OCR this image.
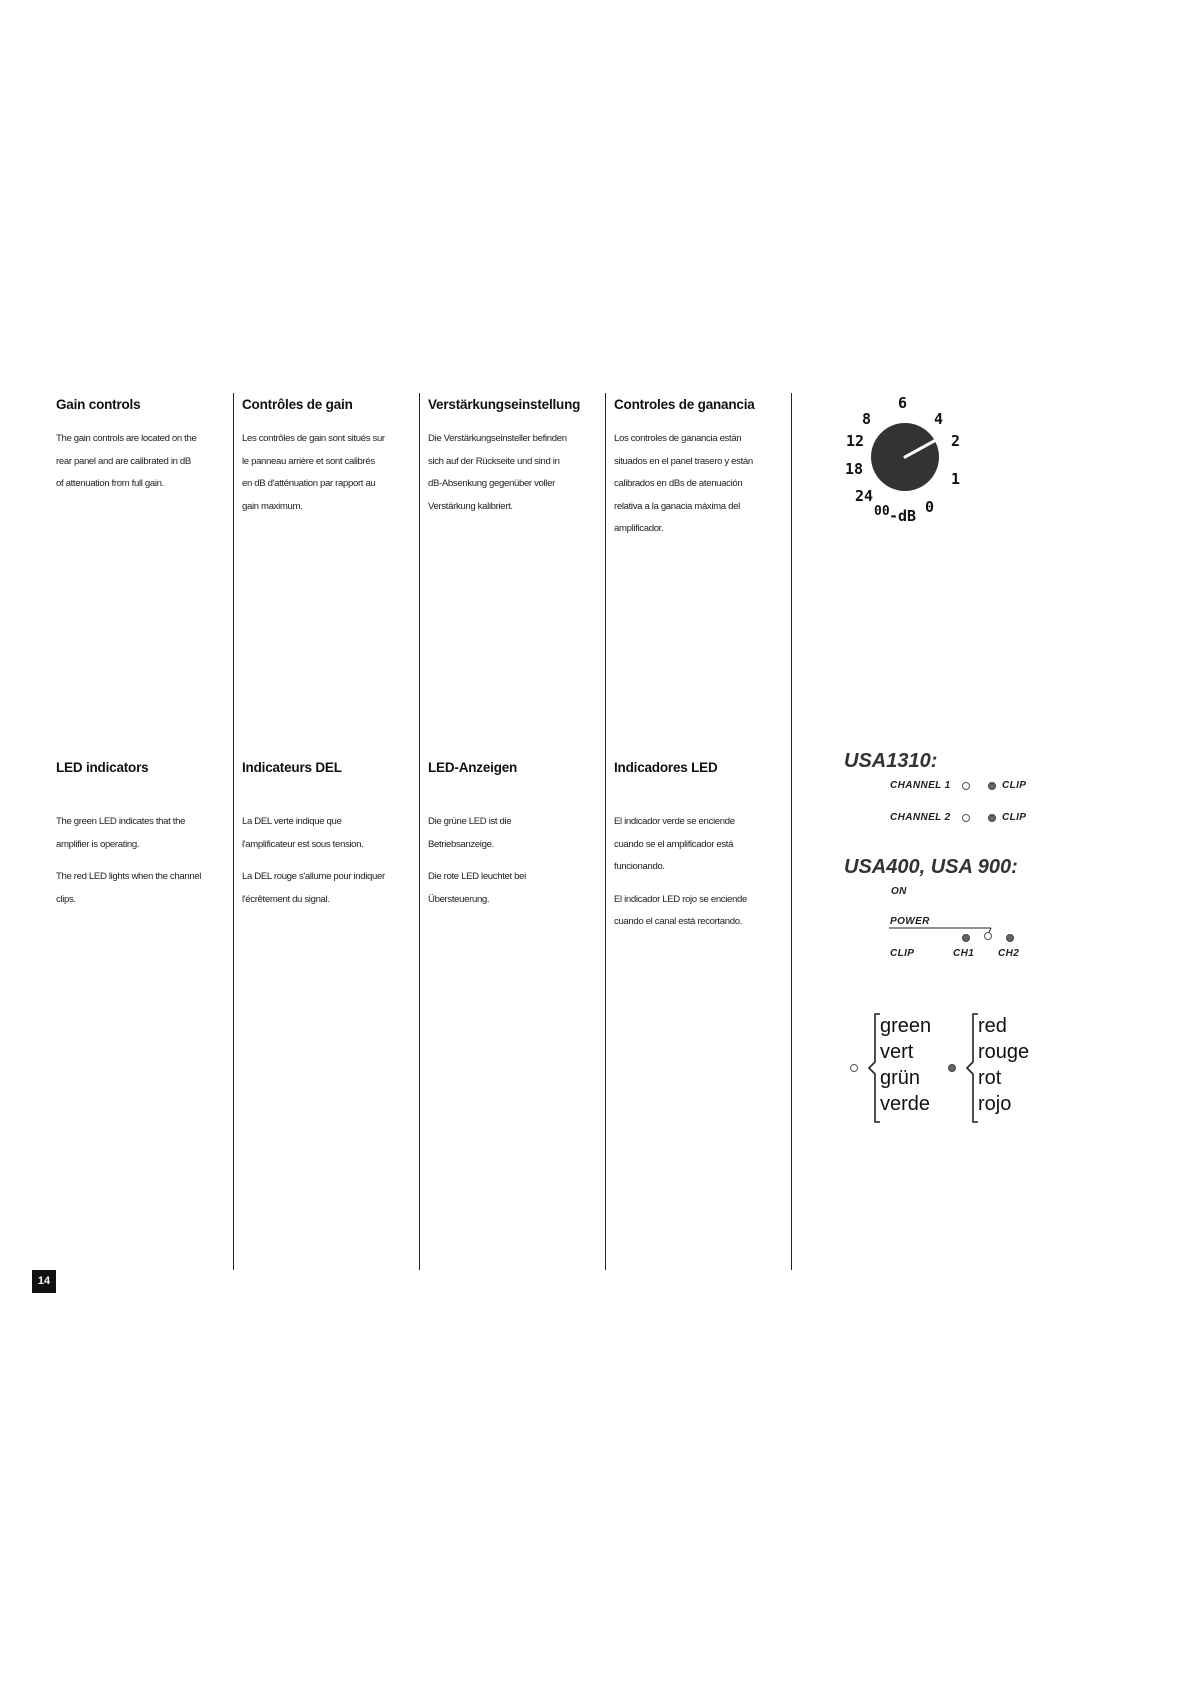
Gain controls	Contrôles de gain	Verstärkungseinstellung	Controles de ganancia
The gain controls are located on the
rear panel and are calibrated in dB
of attenuation from full gain.
Les contrôles de gain sont situés sur
le panneau arrière et sont calibrés
en dB d'atténuation par rapport au
gain maximum.
Die Verstärkungseinsteller befinden
sich auf der Rückseite und sind in
dB-Absenkung gegenüber voller
Verstärkung kalibriert.
Los controles de ganancia están
situados en el panel trasero y están
calibrados en dBs de atenuación
relativa a la ganacia máxima del
amplificador.
LED indicators	Indicateurs DEL	LED-Anzeigen	Indicadores LED

The green LED indicates that the
amplifier is operating.

The red LED lights when the channel
clips.

La DEL verte indique que
l'amplificateur est sous tension.

La DEL rouge s'allume pour indiquer
l'écrêtement du signal.

Die grüne LED ist die
Betriebsanzeige.

Die rote LED leuchtet bei
Übersteuerung.

El indicador verde se enciende
cuando se el amplificador está
funcionando.

El indicador LED rojo se enciende
cuando el canal está recortando.

14
6
4
2
1
0
-dB
00
24
18
12
8
USA1310:
CHANNEL 1	CLIP
CHANNEL 2	CLIP
USA400, USA 900:
ON
POWER
CLIP	CH1 CH2
green
vert
grün
verde
red
rouge
rot
rojo
